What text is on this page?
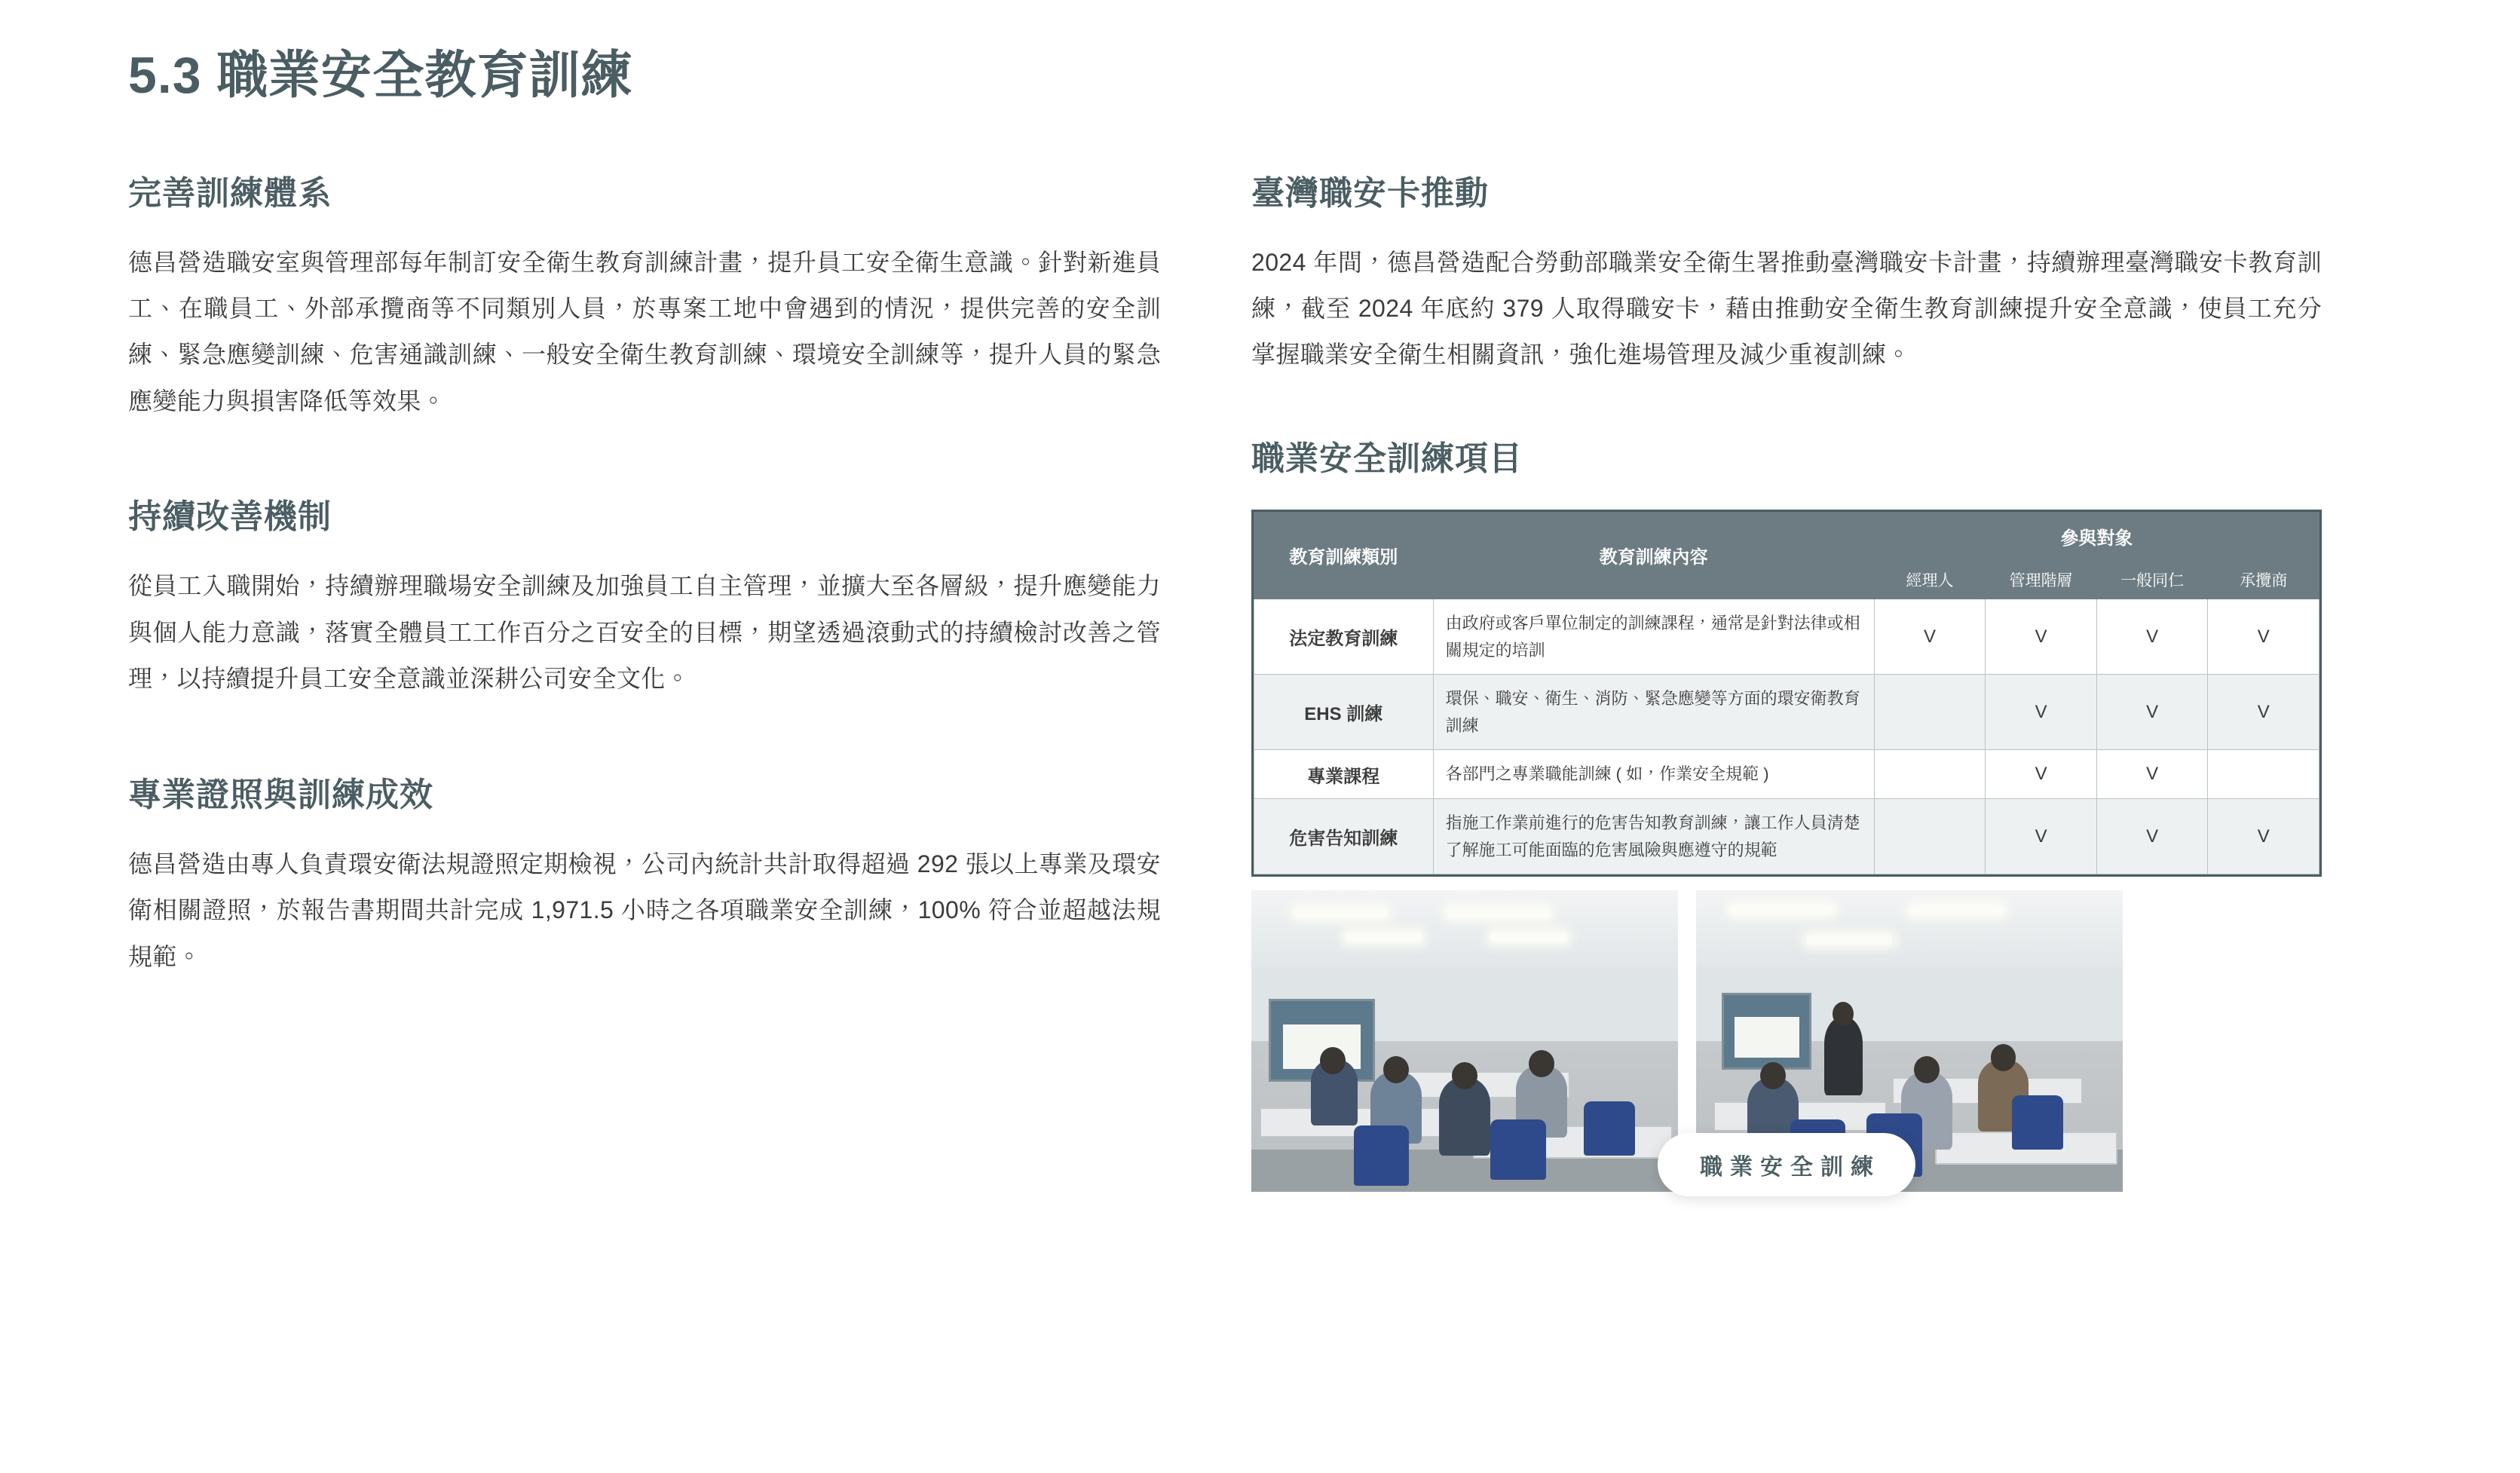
5.3 職業安全教育訓練
完善訓練體系

德昌營造職安室與管理部每年制訂安全衛生教育訓練計畫，提升員工安全衛生意識。針對新進員工、在職員工、外部承攬商等不同類別人員，於專案工地中會遇到的情況，提供完善的安全訓練、緊急應變訓練、危害通識訓練、一般安全衛生教育訓練、環境安全訓練等，提升人員的緊急應變能力與損害降低等效果。

持續改善機制

從員工入職開始，持續辦理職場安全訓練及加強員工自主管理，並擴大至各層級，提升應變能力與個人能力意識，落實全體員工工作百分之百安全的目標，期望透過滾動式的持續檢討改善之管理，以持續提升員工安全意識並深耕公司安全文化。

專業證照與訓練成效

德昌營造由專人負責環安衛法規證照定期檢視，公司內統計共計取得超過 292 張以上專業及環安衛相關證照，於報告書期間共計完成 1,971.5 小時之各項職業安全訓練，100% 符合並超越法規規範。

臺灣職安卡推動

2024 年間，德昌營造配合勞動部職業安全衛生署推動臺灣職安卡計畫，持續辦理臺灣職安卡教育訓練，截至 2024 年底約 379 人取得職安卡，藉由推動安全衛生教育訓練提升安全意識，使員工充分掌握職業安全衛生相關資訊，強化進場管理及減少重複訓練。

職業安全訓練項目
教育訓練類別	教育訓練內容	參與對象			
		經理人	管理階層	一般同仁	承攬商
法定教育訓練	由政府或客戶單位制定的訓練課程，通常是針對法律或相關規定的培訓	V	V	V	V
EHS 訓練	環保、職安、衛生、消防、緊急應變等方面的環安衛教育訓練		V	V	V
專業課程	各部門之專業職能訓練 ( 如，作業安全規範 )		V	V	
危害告知訓練	指施工作業前進行的危害告知教育訓練，讓工作人員清楚了解施工可能面臨的危害風險與應遵守的規範		V	V	V
職業安全訓練
